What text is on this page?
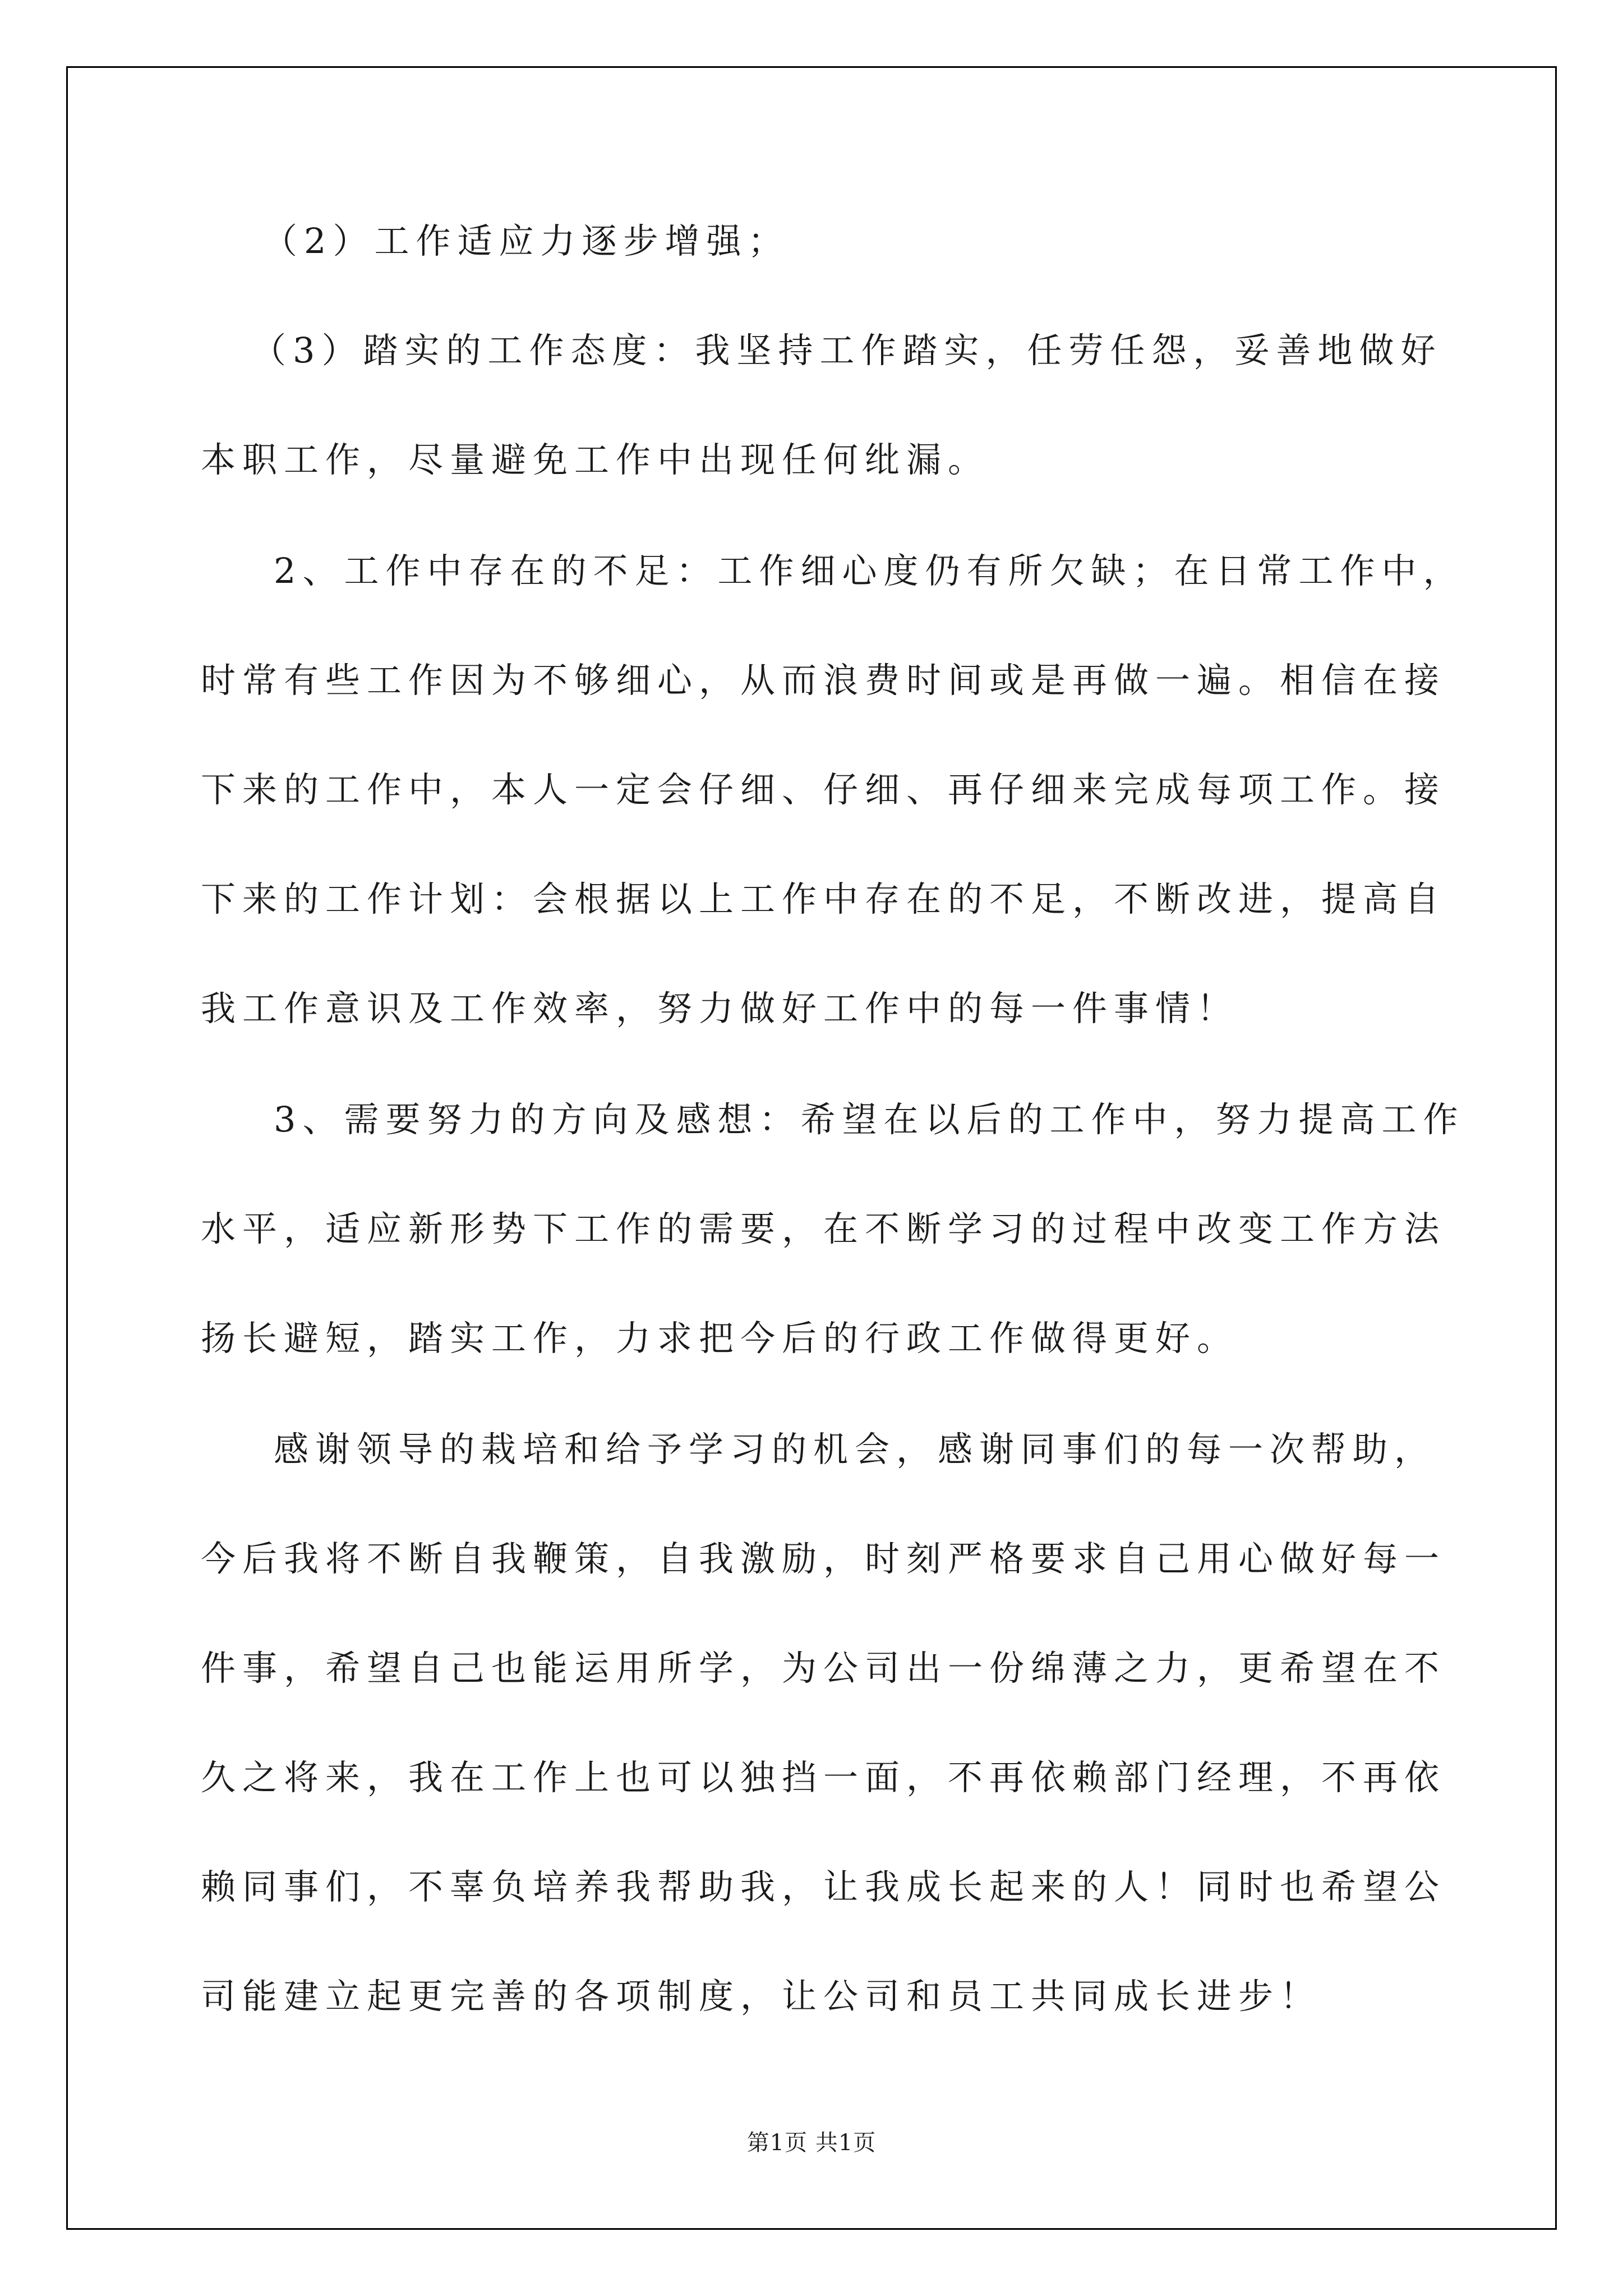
（2）工作适应力逐步增强；
（3）踏实的工作态度：我坚持工作踏实，任劳任怨，妥善地做好
本职工作，尽量避免工作中出现任何纰漏。
2、工作中存在的不足：工作细心度仍有所欠缺；在日常工作中，
时常有些工作因为不够细心，从而浪费时间或是再做一遍。相信在接
下来的工作中，本人一定会仔细、仔细、再仔细来完成每项工作。接
下来的工作计划：会根据以上工作中存在的不足，不断改进，提高自
我工作意识及工作效率，努力做好工作中的每一件事情！
3、需要努力的方向及感想：希望在以后的工作中，努力提高工作
水平，适应新形势下工作的需要，在不断学习的过程中改变工作方法
扬长避短，踏实工作，力求把今后的行政工作做得更好。
感谢领导的栽培和给予学习的机会，感谢同事们的每一次帮助，
今后我将不断自我鞭策，自我激励，时刻严格要求自己用心做好每一
件事，希望自己也能运用所学，为公司出一份绵薄之力，更希望在不
久之将来，我在工作上也可以独挡一面，不再依赖部门经理，不再依
赖同事们，不辜负培养我帮助我，让我成长起来的人！同时也希望公
司能建立起更完善的各项制度，让公司和员工共同成长进步！
第1页 共1页
